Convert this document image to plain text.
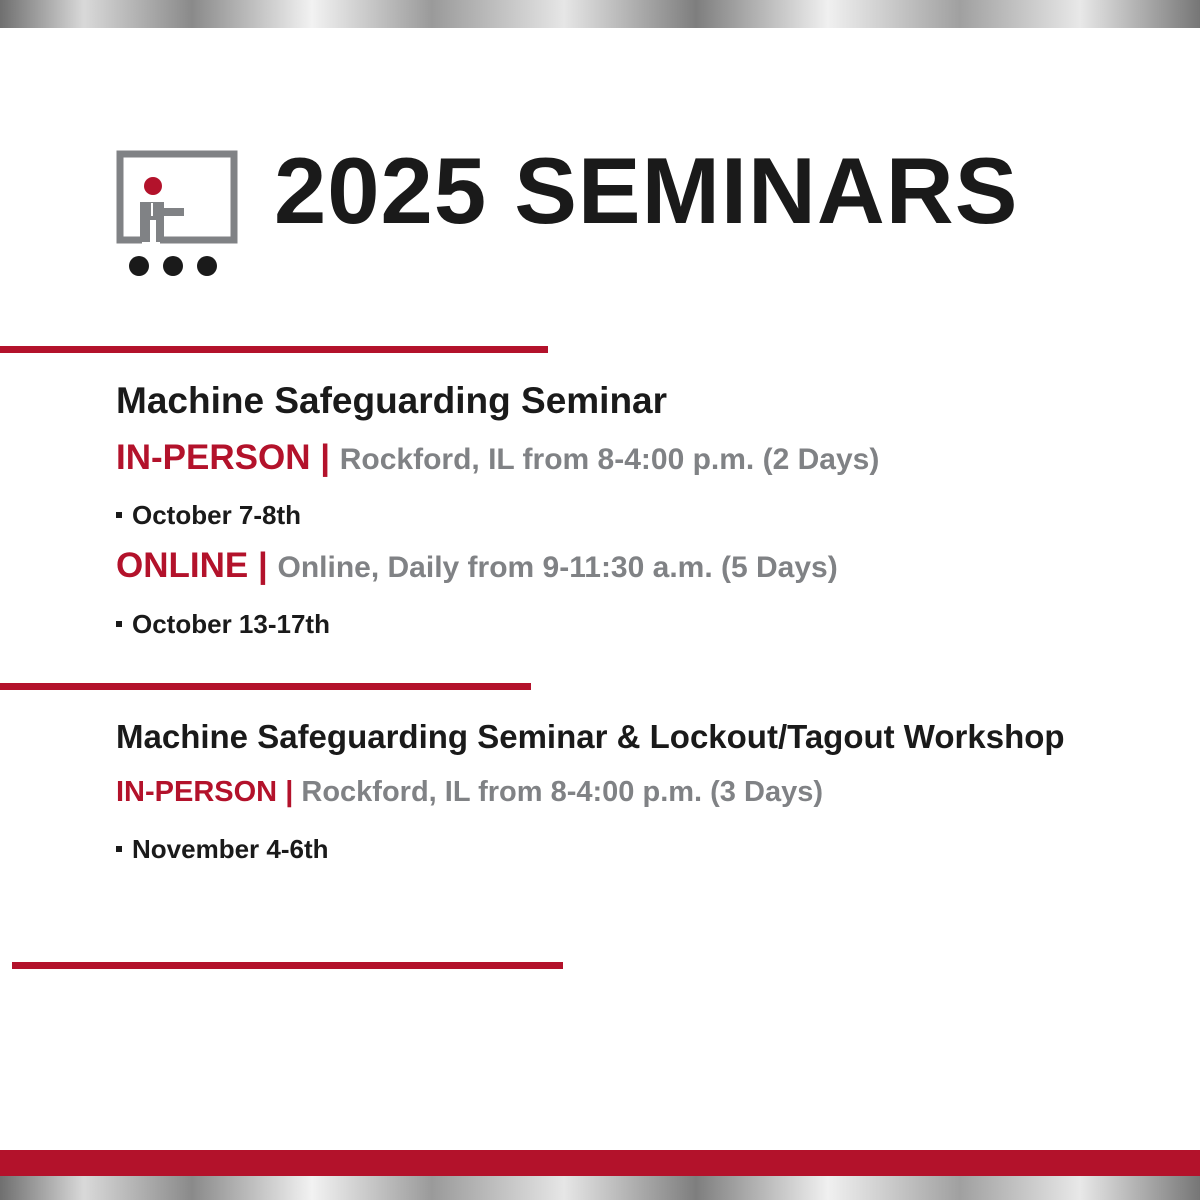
2025 SEMINARS

Machine Safeguarding Seminar

IN-PERSON | Rockford, IL from 8-4:00 p.m. (2 Days)

October 7-8th

ONLINE | Online, Daily from 9-11:30 a.m. (5 Days)

October 13-17th

Machine Safeguarding Seminar & Lockout/Tagout Workshop

IN-PERSON | Rockford, IL from 8-4:00 p.m. (3 Days)

November 4-6th
